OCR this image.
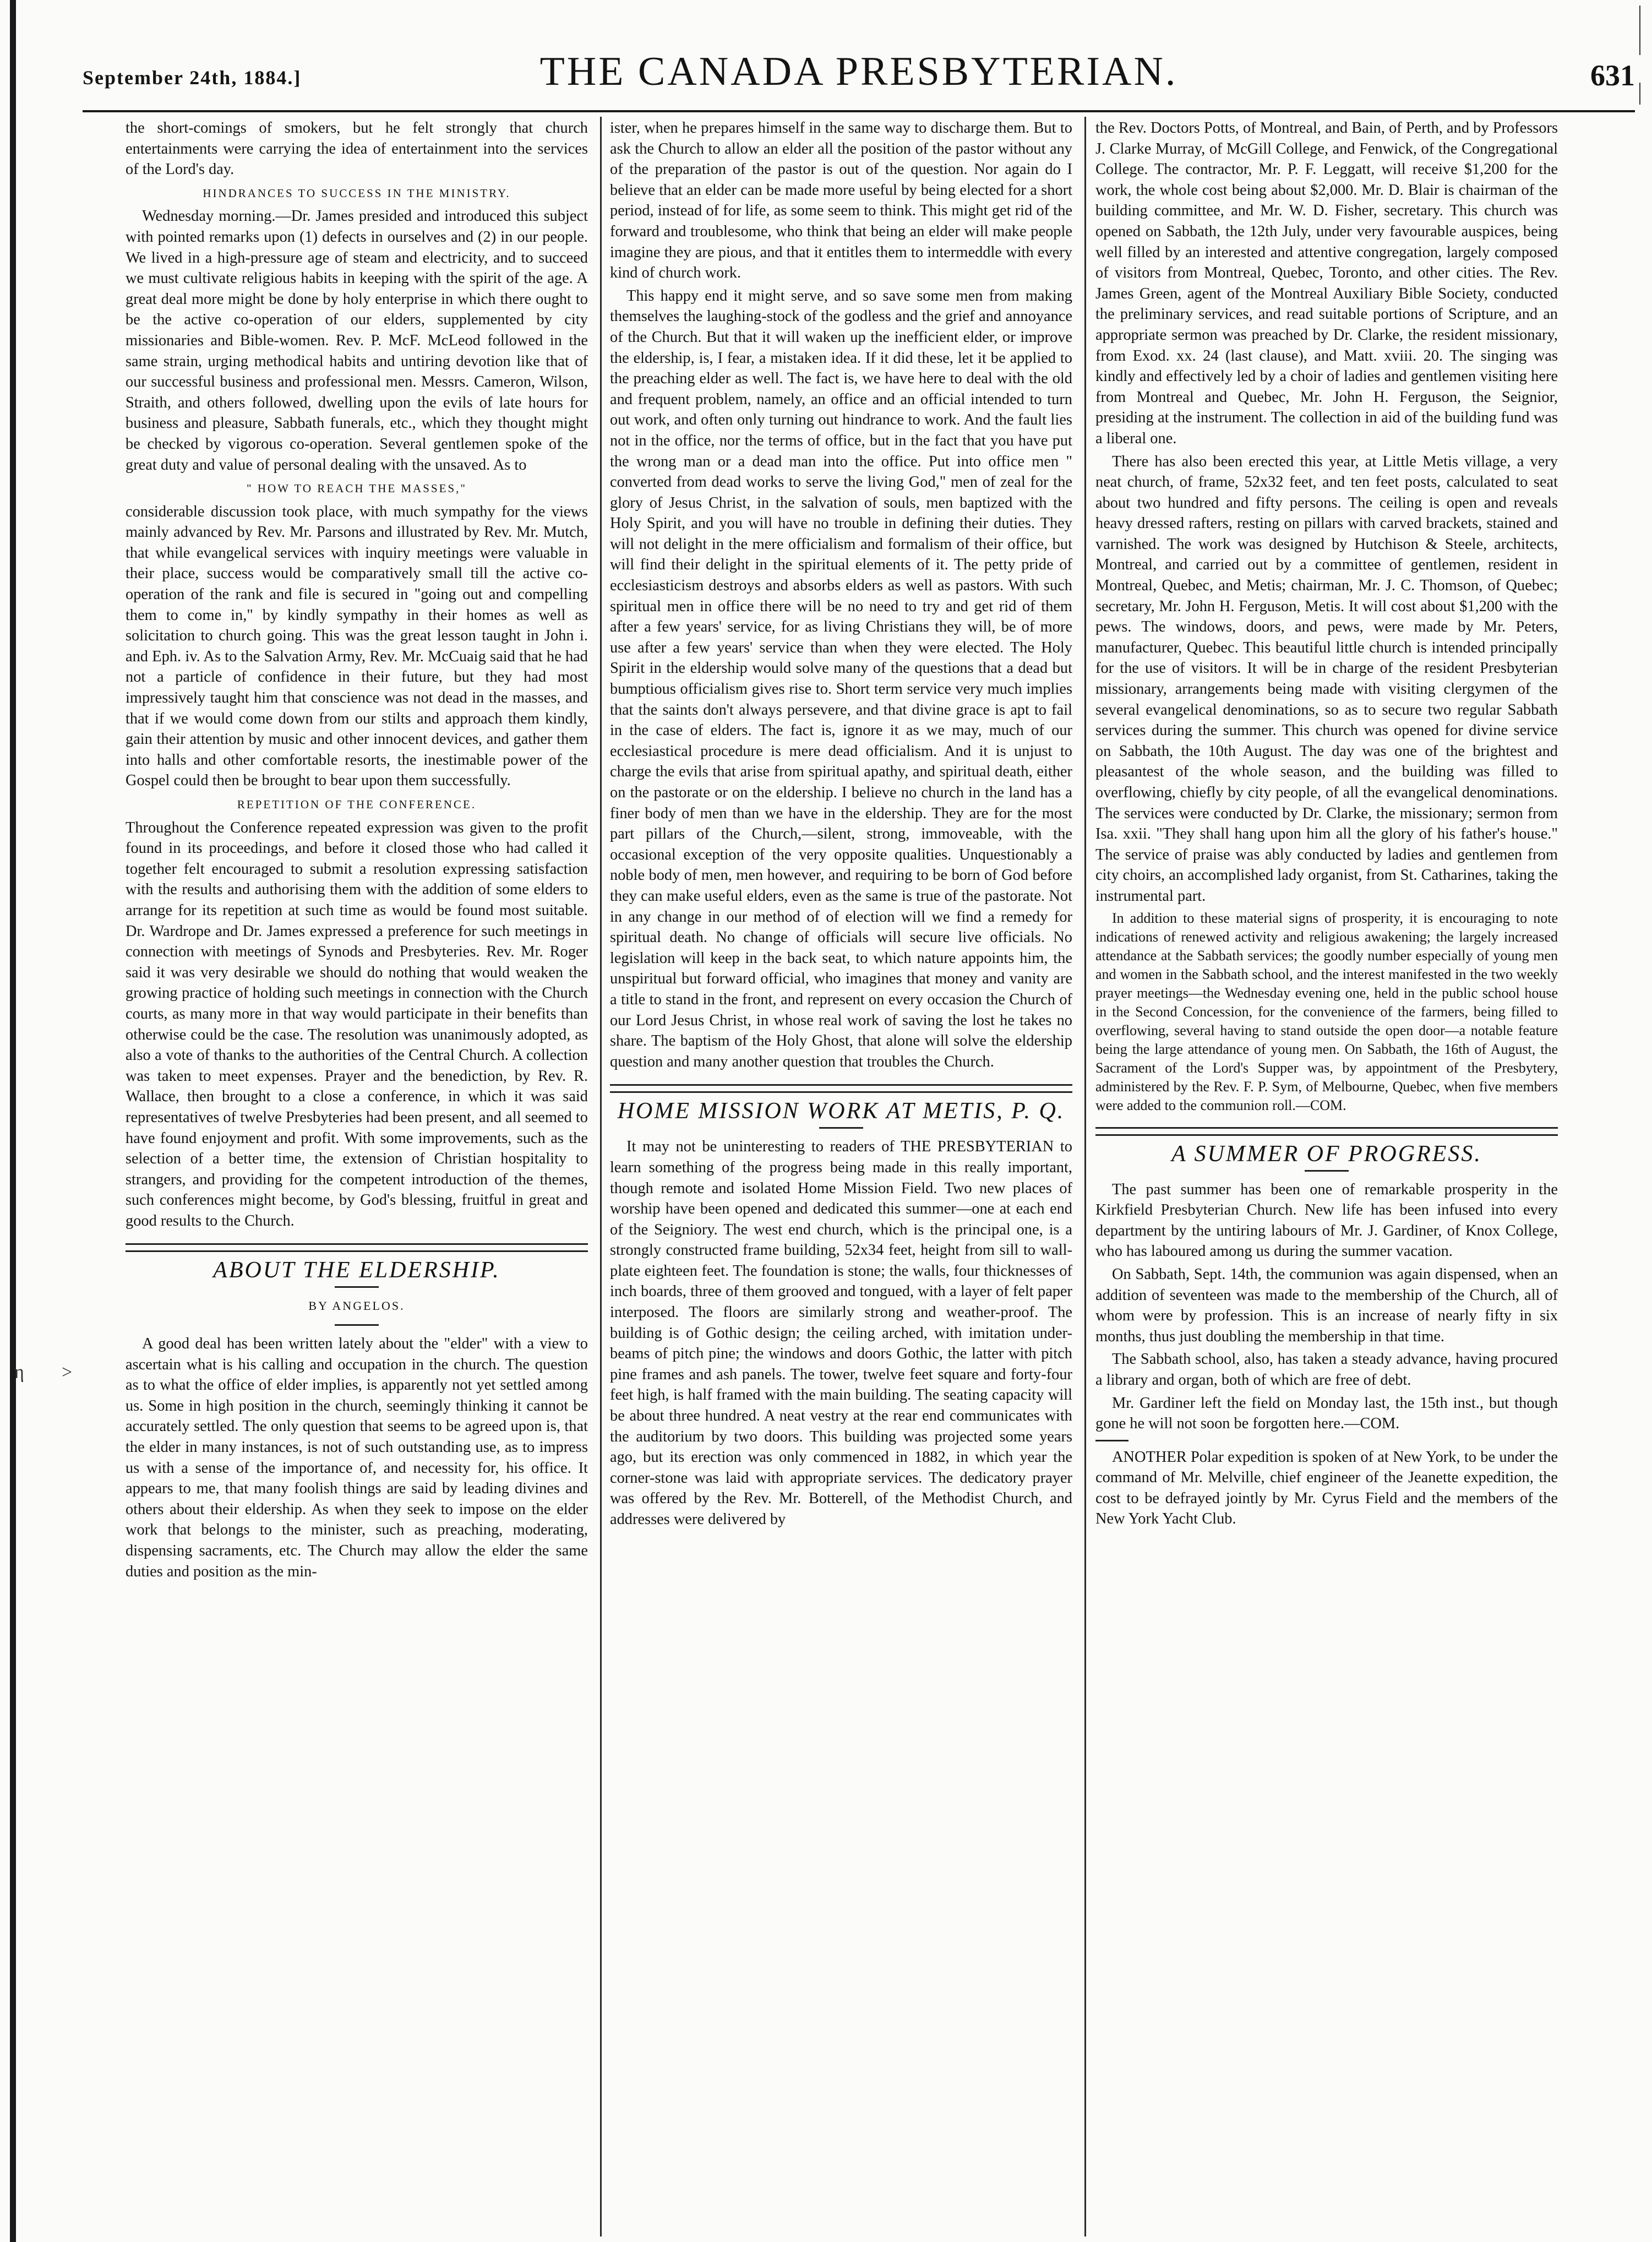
η >
September 24th, 1884.]	THE CANADA PRESBYTERIAN.	631

the short-comings of smokers, but he felt strongly that church entertainments were carrying the idea of entertainment into the services of the Lord's day.

HINDRANCES TO SUCCESS IN THE MINISTRY.

Wednesday morning.—Dr. James presided and introduced this subject with pointed remarks upon (1) defects in ourselves and (2) in our people. We lived in a high-pressure age of steam and electricity, and to succeed we must cultivate religious habits in keeping with the spirit of the age. A great deal more might be done by holy enterprise in which there ought to be the active co-operation of our elders, supplemented by city missionaries and Bible-women. Rev. P. McF. McLeod followed in the same strain, urging methodical habits and untiring devotion like that of our successful business and professional men. Messrs. Cameron, Wilson, Straith, and others followed, dwelling upon the evils of late hours for business and pleasure, Sabbath funerals, etc., which they thought might be checked by vigorous co-operation. Several gentlemen spoke of the great duty and value of personal dealing with the unsaved. As to

" HOW TO REACH THE MASSES,"

considerable discussion took place, with much sympathy for the views mainly advanced by Rev. Mr. Parsons and illustrated by Rev. Mr. Mutch, that while evangelical services with inquiry meetings were valuable in their place, success would be comparatively small till the active co-operation of the rank and file is secured in "going out and compelling them to come in," by kindly sympathy in their homes as well as solicitation to church going. This was the great lesson taught in John i. and Eph. iv. As to the Salvation Army, Rev. Mr. McCuaig said that he had not a particle of confidence in their future, but they had most impressively taught him that conscience was not dead in the masses, and that if we would come down from our stilts and approach them kindly, gain their attention by music and other innocent devices, and gather them into halls and other comfortable resorts, the inestimable power of the Gospel could then be brought to bear upon them successfully.

REPETITION OF THE CONFERENCE.

Throughout the Conference repeated expression was given to the profit found in its proceedings, and before it closed those who had called it together felt encouraged to submit a resolution expressing satisfaction with the results and authorising them with the addition of some elders to arrange for its repetition at such time as would be found most suitable. Dr. Wardrope and Dr. James expressed a preference for such meetings in connection with meetings of Synods and Presbyteries. Rev. Mr. Roger said it was very desirable we should do nothing that would weaken the growing practice of holding such meetings in connection with the Church courts, as many more in that way would participate in their benefits than otherwise could be the case. The resolution was unanimously adopted, as also a vote of thanks to the authorities of the Central Church. A collection was taken to meet expenses. Prayer and the benediction, by Rev. R. Wallace, then brought to a close a conference, in which it was said representatives of twelve Presbyteries had been present, and all seemed to have found enjoyment and profit. With some improvements, such as the selection of a better time, the extension of Christian hospitality to strangers, and providing for the competent introduction of the themes, such conferences might become, by God's blessing, fruitful in great and good results to the Church.

ABOUT THE ELDERSHIP.
BY ANGELOS.

A good deal has been written lately about the "elder" with a view to ascertain what is his calling and occupation in the church. The question as to what the office of elder implies, is apparently not yet settled among us. Some in high position in the church, seemingly thinking it cannot be accurately settled. The only question that seems to be agreed upon is, that the elder in many instances, is not of such outstanding use, as to impress us with a sense of the importance of, and necessity for, his office. It appears to me, that many foolish things are said by leading divines and others about their eldership. As when they seek to impose on the elder work that belongs to the minister, such as preaching, moderating, dispensing sacraments, etc. The Church may allow the elder the same duties and position as the min-

ister, when he prepares himself in the same way to discharge them. But to ask the Church to allow an elder all the position of the pastor without any of the preparation of the pastor is out of the question. Nor again do I believe that an elder can be made more useful by being elected for a short period, instead of for life, as some seem to think. This might get rid of the forward and troublesome, who think that being an elder will make people imagine they are pious, and that it entitles them to intermeddle with every kind of church work.

This happy end it might serve, and so save some men from making themselves the laughing-stock of the godless and the grief and annoyance of the Church. But that it will waken up the inefficient elder, or improve the eldership, is, I fear, a mistaken idea. If it did these, let it be applied to the preaching elder as well. The fact is, we have here to deal with the old and frequent problem, namely, an office and an official intended to turn out work, and often only turning out hindrance to work. And the fault lies not in the office, nor the terms of office, but in the fact that you have put the wrong man or a dead man into the office. Put into office men " converted from dead works to serve the living God," men of zeal for the glory of Jesus Christ, in the salvation of souls, men baptized with the Holy Spirit, and you will have no trouble in defining their duties. They will not delight in the mere officialism and formalism of their office, but will find their delight in the spiritual elements of it. The petty pride of ecclesiasticism destroys and absorbs elders as well as pastors. With such spiritual men in office there will be no need to try and get rid of them after a few years' service, for as living Christians they will, be of more use after a few years' service than when they were elected. The Holy Spirit in the eldership would solve many of the questions that a dead but bumptious officialism gives rise to. Short term service very much implies that the saints don't always persevere, and that divine grace is apt to fail in the case of elders. The fact is, ignore it as we may, much of our ecclesiastical procedure is mere dead officialism. And it is unjust to charge the evils that arise from spiritual apathy, and spiritual death, either on the pastorate or on the eldership. I believe no church in the land has a finer body of men than we have in the eldership. They are for the most part pillars of the Church,—silent, strong, immoveable, with the occasional exception of the very opposite qualities. Unquestionably a noble body of men, men however, and requiring to be born of God before they can make useful elders, even as the same is true of the pastorate. Not in any change in our method of of election will we find a remedy for spiritual death. No change of officials will secure live officials. No legislation will keep in the back seat, to which nature appoints him, the unspiritual but forward official, who imagines that money and vanity are a title to stand in the front, and represent on every occasion the Church of our Lord Jesus Christ, in whose real work of saving the lost he takes no share. The baptism of the Holy Ghost, that alone will solve the eldership question and many another question that troubles the Church.

HOME MISSION WORK AT METIS, P. Q.

It may not be uninteresting to readers of THE PRESBYTERIAN to learn something of the progress being made in this really important, though remote and isolated Home Mission Field. Two new places of worship have been opened and dedicated this summer—one at each end of the Seigniory. The west end church, which is the principal one, is a strongly constructed frame building, 52x34 feet, height from sill to wall-plate eighteen feet. The foundation is stone; the walls, four thicknesses of inch boards, three of them grooved and tongued, with a layer of felt paper interposed. The floors are similarly strong and weather-proof. The building is of Gothic design; the ceiling arched, with imitation under-beams of pitch pine; the windows and doors Gothic, the latter with pitch pine frames and ash panels. The tower, twelve feet square and forty-four feet high, is half framed with the main building. The seating capacity will be about three hundred. A neat vestry at the rear end communicates with the auditorium by two doors. This building was projected some years ago, but its erection was only commenced in 1882, in which year the corner-stone was laid with appropriate services. The dedicatory prayer was offered by the Rev. Mr. Botterell, of the Methodist Church, and addresses were delivered by

the Rev. Doctors Potts, of Montreal, and Bain, of Perth, and by Professors J. Clarke Murray, of McGill College, and Fenwick, of the Congregational College. The contractor, Mr. P. F. Leggatt, will receive $1,200 for the work, the whole cost being about $2,000. Mr. D. Blair is chairman of the building committee, and Mr. W. D. Fisher, secretary. This church was opened on Sabbath, the 12th July, under very favourable auspices, being well filled by an interested and attentive congregation, largely composed of visitors from Montreal, Quebec, Toronto, and other cities. The Rev. James Green, agent of the Montreal Auxiliary Bible Society, conducted the preliminary services, and read suitable portions of Scripture, and an appropriate sermon was preached by Dr. Clarke, the resident missionary, from Exod. xx. 24 (last clause), and Matt. xviii. 20. The singing was kindly and effectively led by a choir of ladies and gentlemen visiting here from Montreal and Quebec, Mr. John H. Ferguson, the Seignior, presiding at the instrument. The collection in aid of the building fund was a liberal one.

There has also been erected this year, at Little Metis village, a very neat church, of frame, 52x32 feet, and ten feet posts, calculated to seat about two hundred and fifty persons. The ceiling is open and reveals heavy dressed rafters, resting on pillars with carved brackets, stained and varnished. The work was designed by Hutchison & Steele, architects, Montreal, and carried out by a committee of gentlemen, resident in Montreal, Quebec, and Metis; chairman, Mr. J. C. Thomson, of Quebec; secretary, Mr. John H. Ferguson, Metis. It will cost about $1,200 with the pews. The windows, doors, and pews, were made by Mr. Peters, manufacturer, Quebec. This beautiful little church is intended principally for the use of visitors. It will be in charge of the resident Presbyterian missionary, arrangements being made with visiting clergymen of the several evangelical denominations, so as to secure two regular Sabbath services during the summer. This church was opened for divine service on Sabbath, the 10th August. The day was one of the brightest and pleasantest of the whole season, and the building was filled to overflowing, chiefly by city people, of all the evangelical denominations. The services were conducted by Dr. Clarke, the missionary; sermon from Isa. xxii. "They shall hang upon him all the glory of his father's house." The service of praise was ably conducted by ladies and gentlemen from city choirs, an accomplished lady organist, from St. Catharines, taking the instrumental part.

In addition to these material signs of prosperity, it is encouraging to note indications of renewed activity and religious awakening; the largely increased attendance at the Sabbath services; the goodly number especially of young men and women in the Sabbath school, and the interest manifested in the two weekly prayer meetings—the Wednesday evening one, held in the public school house in the Second Concession, for the convenience of the farmers, being filled to overflowing, several having to stand outside the open door—a notable feature being the large attendance of young men. On Sabbath, the 16th of August, the Sacrament of the Lord's Supper was, by appointment of the Presbytery, administered by the Rev. F. P. Sym, of Melbourne, Quebec, when five members were added to the communion roll.—COM.

A SUMMER OF PROGRESS.

The past summer has been one of remarkable prosperity in the Kirkfield Presbyterian Church. New life has been infused into every department by the untiring labours of Mr. J. Gardiner, of Knox College, who has laboured among us during the summer vacation.

On Sabbath, Sept. 14th, the communion was again dispensed, when an addition of seventeen was made to the membership of the Church, all of whom were by profession. This is an increase of nearly fifty in six months, thus just doubling the membership in that time.

The Sabbath school, also, has taken a steady advance, having procured a library and organ, both of which are free of debt.

Mr. Gardiner left the field on Monday last, the 15th inst., but though gone he will not soon be forgotten here.—COM.

ANOTHER Polar expedition is spoken of at New York, to be under the command of Mr. Melville, chief engineer of the Jeanette expedition, the cost to be defrayed jointly by Mr. Cyrus Field and the members of the New York Yacht Club.
